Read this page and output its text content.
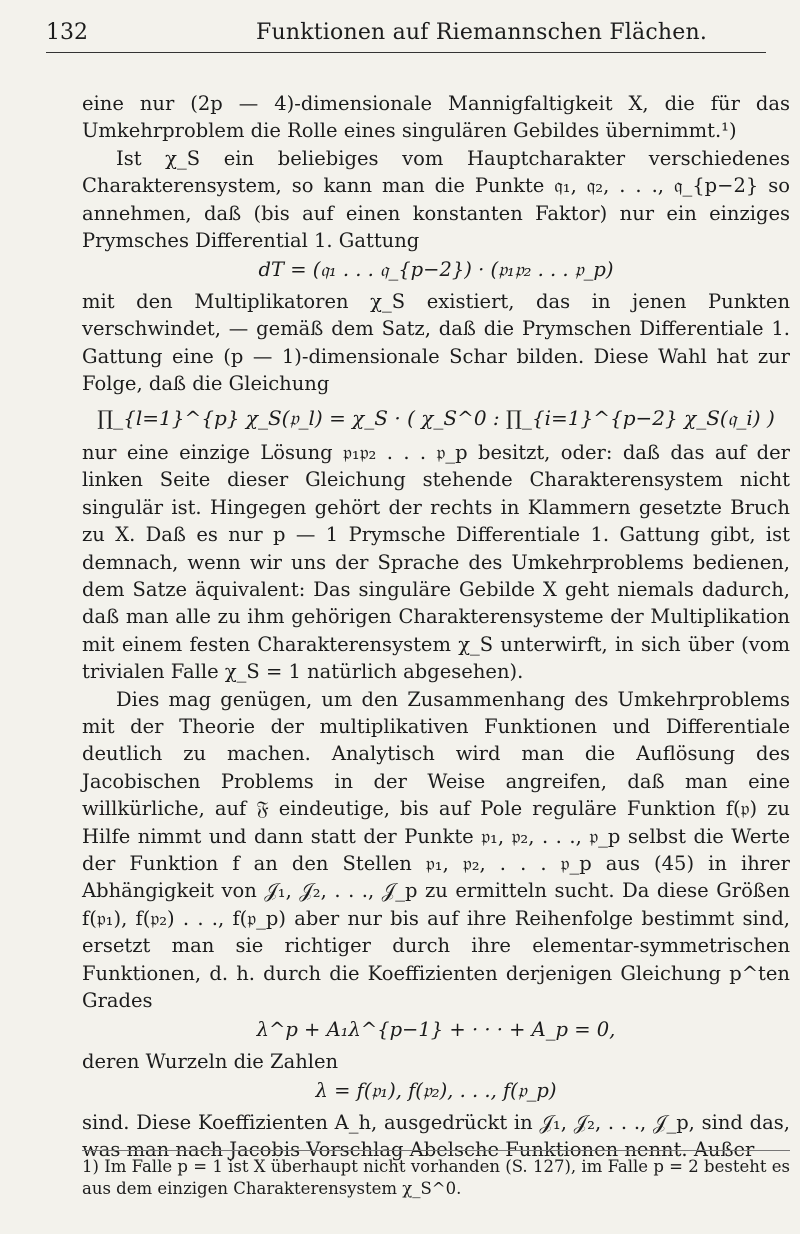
132	Funktionen auf Riemannschen Flächen.

eine nur (2p — 4)-dimensionale Mannigfaltigkeit X, die für das Umkehrproblem die Rolle eines singulären Gebildes übernimmt.¹)

Ist χ_S ein beliebiges vom Hauptcharakter verschiedenes Charakterensystem, so kann man die Punkte 𝔮₁, 𝔮₂, . . ., 𝔮_{p−2} so annehmen, daß (bis auf einen konstanten Faktor) nur ein einziges Prymsches Differential 1. Gattung

dT = (𝔮₁ . . . 𝔮_{p−2}) · (𝔭₁𝔭₂ . . . 𝔭_p)

mit den Multiplikatoren χ_S existiert, das in jenen Punkten verschwindet, — gemäß dem Satz, daß die Prymschen Differentiale 1. Gattung eine (p — 1)-dimensionale Schar bilden. Diese Wahl hat zur Folge, daß die Gleichung

∏_{l=1}^{p} χ_S(𝔭_l) = χ_S · ( χ_S^0 : ∏_{i=1}^{p−2} χ_S(𝔮_i) )

nur eine einzige Lösung 𝔭₁𝔭₂ . . . 𝔭_p besitzt, oder: daß das auf der linken Seite dieser Gleichung stehende Charakterensystem nicht singulär ist. Hingegen gehört der rechts in Klammern gesetzte Bruch zu X. Daß es nur p — 1 Prymsche Differentiale 1. Gattung gibt, ist demnach, wenn wir uns der Sprache des Umkehrproblems bedienen, dem Satze äquivalent: Das singuläre Gebilde X geht niemals dadurch, daß man alle zu ihm gehörigen Charakterensysteme der Multiplikation mit einem festen Charakterensystem χ_S unterwirft, in sich über (vom trivialen Falle χ_S = 1 natürlich abgesehen).

Dies mag genügen, um den Zusammenhang des Umkehrproblems mit der Theorie der multiplikativen Funktionen und Differentiale deutlich zu machen. Analytisch wird man die Auflösung des Jacobischen Problems in der Weise angreifen, daß man eine willkürliche, auf 𝔉 eindeutige, bis auf Pole reguläre Funktion f(𝔭) zu Hilfe nimmt und dann statt der Punkte 𝔭₁, 𝔭₂, . . ., 𝔭_p selbst die Werte der Funktion f an den Stellen 𝔭₁, 𝔭₂, . . . 𝔭_p aus (45) in ihrer Abhängigkeit von 𝒥₁, 𝒥₂, . . ., 𝒥_p zu ermitteln sucht. Da diese Größen f(𝔭₁), f(𝔭₂) . . ., f(𝔭_p) aber nur bis auf ihre Reihenfolge bestimmt sind, ersetzt man sie richtiger durch ihre elementar-symmetrischen Funktionen, d. h. durch die Koeffizienten derjenigen Gleichung p^ten Grades

λ^p + A₁λ^{p−1} + · · · + A_p = 0,

deren Wurzeln die Zahlen

λ = f(𝔭₁), f(𝔭₂), . . ., f(𝔭_p)

sind. Diese Koeffizienten A_h, ausgedrückt in 𝒥₁, 𝒥₂, . . ., 𝒥_p, sind das, was man nach Jacobis Vorschlag Abelsche Funktionen nennt. Außer

1) Im Falle p = 1 ist X überhaupt nicht vorhanden (S. 127), im Falle p = 2 besteht es aus dem einzigen Charakterensystem χ_S^0.
